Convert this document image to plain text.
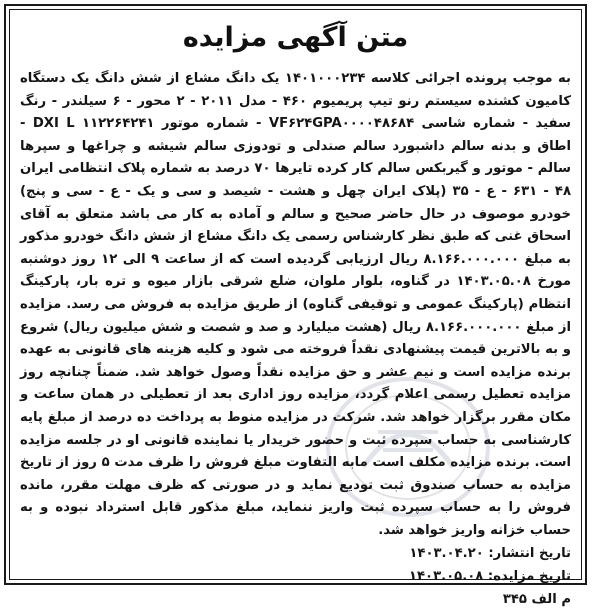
متن آگهی مزایده

به موجب پرونده اجرائی کلاسه ۱۴۰۱۰۰۰۲۳۴ یک دانگ مشاع از شش دانگ یک دستگاه کامیون کشنده سیستم رنو تیپ پریمیوم ۴۶۰ - مدل ۲۰۱۱ - ۲ محور - ۶ سیلندر - رنگ سفید - شماره شاسی VF۶۲۴GPA۰۰۰۰۴۸۶۸۴ - شماره موتور DXI L ۱۱۲۲۶۴۲۴۱ - اطاق و بدنه سالم داشبورد سالم صندلی و تودوزی سالم شیشه و چراغها و سپرها سالم - موتور و گیربکس سالم کار کرده تایرها ۷۰ درصد به شماره پلاک انتظامی ایران ۴۸ - ۶۳۱ - ع - ۳۵ (پلاک ایران چهل و هشت - شیصد و سی و یک - ع - سی و پنج) خودرو موصوف در حال حاضر صحیح و سالم و آماده به کار می باشد متعلق به آقای اسحاق غنی که طبق نظر کارشناس رسمی یک دانگ مشاع از شش دانگ خودرو مذکور به مبلغ ۸.۱۶۶.۰۰۰.۰۰۰ ریال ارزیابی گردیده است که از ساعت ۹ الی ۱۲ روز دوشنبه مورخ ۱۴۰۳.۰۵.۰۸ در گناوه، بلوار ملوان، ضلع شرقی بازار میوه و تره بار، پارکینگ انتظام (پارکینگ عمومی و توقیفی گناوه) از طریق مزایده به فروش می رسد. مزایده از مبلغ ۸.۱۶۶.۰۰۰.۰۰۰ ریال (هشت میلیارد و صد و شصت و شش میلیون ریال) شروع و به بالاترین قیمت پیشنهادی نقداً فروخته می شود و کلیه هزینه های قانونی به عهده برنده مزایده است و نیم عشر و حق مزایده نقداً وصول خواهد شد. ضمناً چنانچه روز مزایده تعطیل رسمی اعلام گردد، مزایده روز اداری بعد از تعطیلی در همان ساعت و مکان مقرر برگزار خواهد شد. شرکت در مزایده منوط به پرداخت ده درصد از مبلغ پایه کارشناسی به حساب سپرده ثبت و حضور خریدار یا نماینده قانونی او در جلسه مزایده است. برنده مزایده مکلف است مابه التفاوت مبلغ فروش را ظرف مدت ۵ روز از تاریخ مزایده به حساب صندوق ثبت تودیع نماید و در صورتی که ظرف مهلت مقرر، مانده فروش را به حساب سپرده ثبت واریز ننماید، مبلغ مذکور قابل استرداد نبوده و به حساب خزانه واریز خواهد شد.

تاریخ انتشار: ۱۴۰۳.۰۴.۲۰
تاریخ مزایده: ۱۴۰۳.۰۵.۰۸
م الف ۳۴۵
